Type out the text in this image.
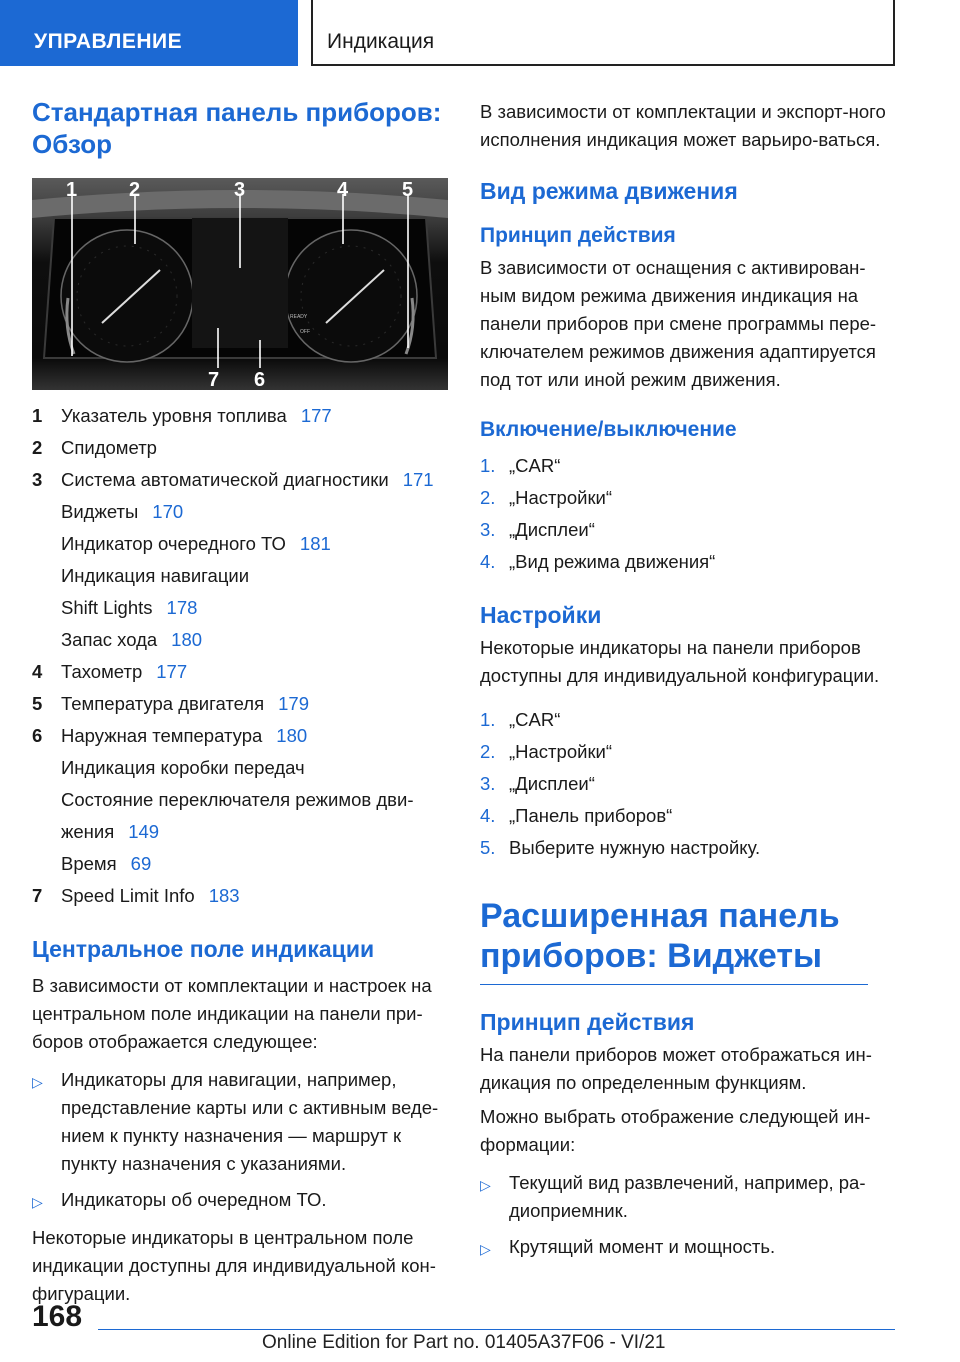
УПРАВЛЕНИЕ	Индикация
Стандартная панель приборов: Обзор
READY
OFF
1	2	3	4	5
7 6
1	Указатель уровня топлива 177
2	Спидометр
3	Система автоматической диагностики 171
Виджеты 170
Индикатор очередного ТО 181
Индикация навигации
Shift Lights 178
Запас хода 180
4	Тахометр 177
5	Температура двигателя 179
6	Наружная температура 180
Индикация коробки передач
Состояние переключателя режимов дви-
жения 149
Время 69
7	Speed Limit Info 183
Центральное поле индикации

В зависимости от комплектации и настроек на центральном поле индикации на панели при-боров отображается следующее:

▷ Индикаторы для навигации, например, представление карты или с активным веде-нием к пункту назначения — маршрут к пункту назначения с указаниями.
▷ Индикаторы об очередном ТО.

Некоторые индикаторы в центральном поле индикации доступны для индивидуальной кон-фигурации.

В зависимости от комплектации и экспорт-ного исполнения индикация может варьиро-ваться.

Вид режима движения
Принцип действия

В зависимости от оснащения с активирован-ным видом режима движения индикация на панели приборов при смене программы пере-ключателем режимов движения адаптируется под тот или иной режим движения.

Включение/выключение
1. „CAR“
2. „Настройки“
3. „Дисплеи“
4. „Вид режима движения“
Настройки

Некоторые индикаторы на панели приборов доступны для индивидуальной конфигурации.

1. „CAR“
2. „Настройки“
3. „Дисплеи“
4. „Панель приборов“
5. Выберите нужную настройку.
Расширенная панель приборов: Виджеты
Принцип действия

На панели приборов может отображаться ин-дикация по определенным функциям.

Можно выбрать отображение следующей ин-формации:

▷ Текущий вид развлечений, например, ра-диоприемник.
▷ Крутящий момент и мощность.
168
Online Edition for Part no. 01405A37F06 - VI/21
